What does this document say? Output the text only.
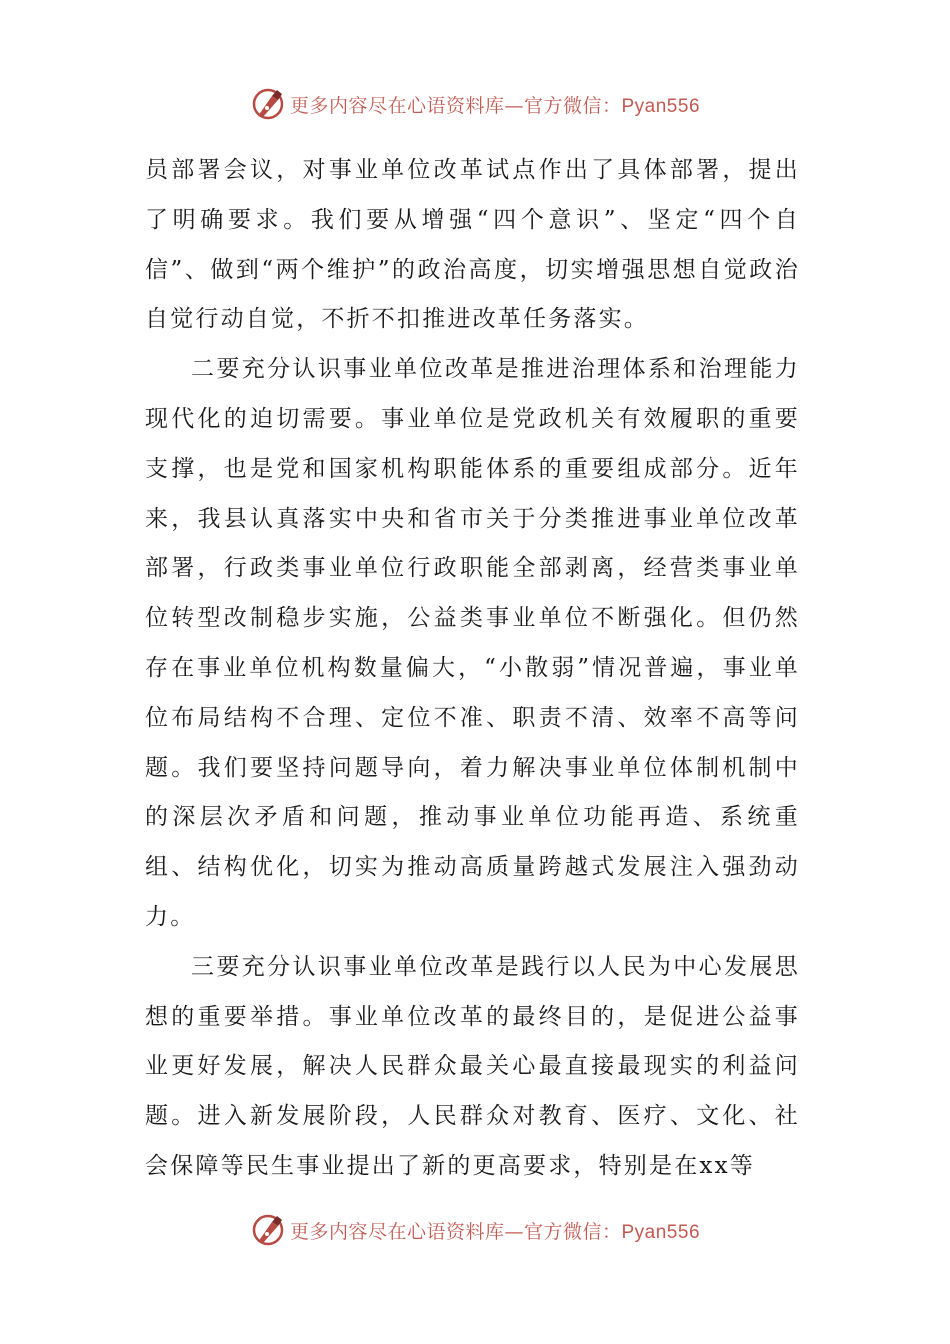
更多内容尽在心语资料库—官方微信：Pyan556

员部署会议，对事业单位改革试点作出了具体部署，提出了明确要求。我们要从增强“四个意识”、坚定“四个自信”、做到“两个维护”的政治高度，切实增强思想自觉政治自觉行动自觉，不折不扣推进改革任务落实。

二要充分认识事业单位改革是推进治理体系和治理能力现代化的迫切需要。事业单位是党政机关有效履职的重要支撑，也是党和国家机构职能体系的重要组成部分。近年来，我县认真落实中央和省市关于分类推进事业单位改革部署，行政类事业单位行政职能全部剥离，经营类事业单位转型改制稳步实施，公益类事业单位不断强化。但仍然存在事业单位机构数量偏大，“小散弱”情况普遍，事业单位布局结构不合理、定位不准、职责不清、效率不高等问题。我们要坚持问题导向，着力解决事业单位体制机制中的深层次矛盾和问题，推动事业单位功能再造、系统重组、结构优化，切实为推动高质量跨越式发展注入强劲动力。

三要充分认识事业单位改革是践行以人民为中心发展思想的重要举措。事业单位改革的最终目的，是促进公益事业更好发展，解决人民群众最关心最直接最现实的利益问题。进入新发展阶段，人民群众对教育、医疗、文化、社会保障等民生事业提出了新的更高要求，特别是在xx等

更多内容尽在心语资料库—官方微信：Pyan556
